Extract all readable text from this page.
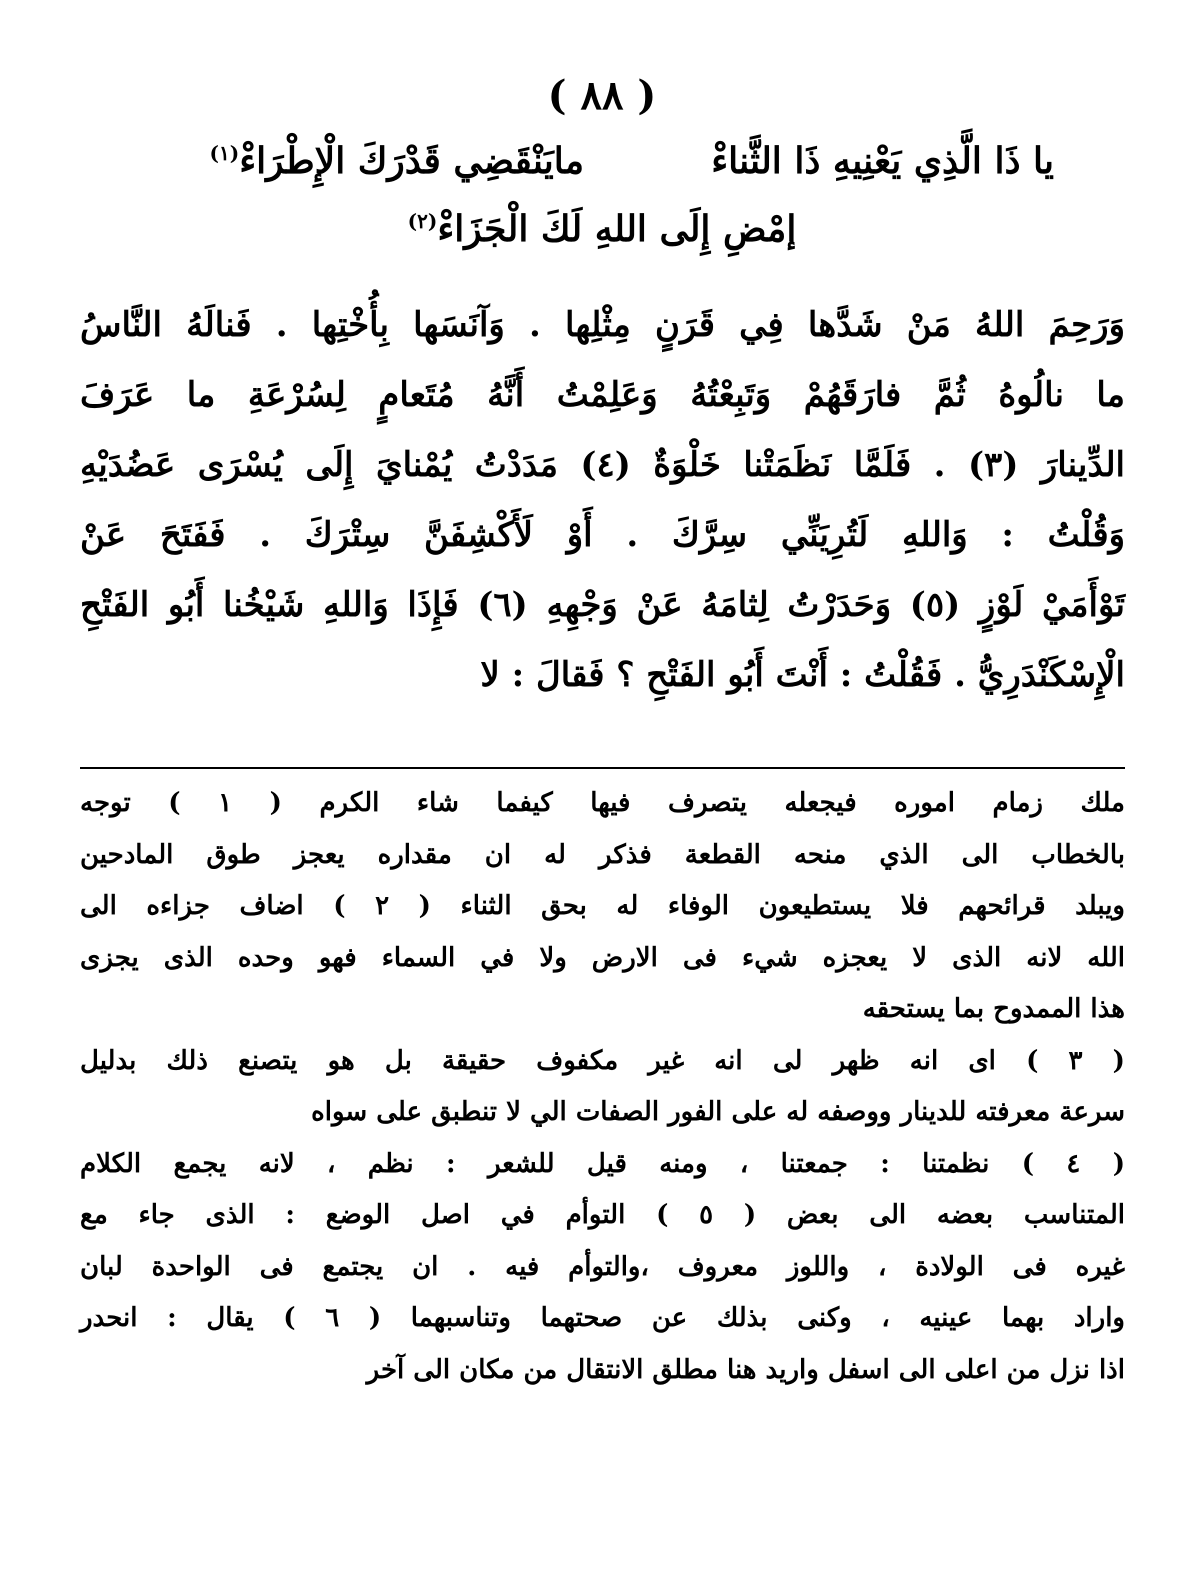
( ٨٨ )
يا ذَا الَّذِي يَعْنِيهِ ذَا الثَّناءْ
مايَنْقَضِي قَدْرَكَ الْإِطْرَاءْ$^{(١)}$
إمْضِ إِلَى اللهِ لَكَ الْجَزَاءْ$^{(٢)}$
وَرَحِمَ اللهُ مَنْ شَدَّها فِي قَرَنٍ مِثْلِها . وَآنَسَها بِأُخْتِها . فَنالَهُ النَّاسُ
ما نالُوهُ ثُمَّ فارَقَهُمْ وَتَبِعْتُهُ وَعَلِمْتُ أَنَّهُ مُتَعامٍ لِسُرْعَةِ ما عَرَفَ
الدِّينارَ (٣) . فَلَمَّا نَظَمَتْنا خَلْوَةٌ (٤) مَدَدْتُ يُمْنايَ إِلَى يُسْرَى عَضُدَيْهِ
وَقُلْتُ : وَاللهِ لَتُرِيَنِّي سِرَّكَ . أَوْ لَأَكْشِفَنَّ سِتْرَكَ . فَفَتَحَ عَنْ
تَوْأَمَيْ لَوْزٍ (٥) وَحَدَرْتُ لِثامَهُ عَنْ وَجْهِهِ (٦) فَإِذَا وَاللهِ شَيْخُنا أَبُو الفَتْحِ
الْإِسْكَنْدَرِيُّ . فَقُلْتُ : أَنْتَ أَبُو الفَتْحِ ؟ فَقالَ : لا
ملك زمام اموره فيجعله يتصرف فيها كيفما شاء الكرم ( ١ ) توجه
بالخطاب الى الذي منحه القطعة فذكر له ان مقداره يعجز طوق المادحين
ويبلد قرائحهم فلا يستطيعون الوفاء له بحق الثناء ( ٢ ) اضاف جزاءه الى
الله لانه الذى لا يعجزه شيء فى الارض ولا في السماء فهو وحده الذى يجزى
هذا الممدوح بما يستحقه
( ٣ ) اى انه ظهر لى انه غير مكفوف حقيقة بل هو يتصنع ذلك بدليل
سرعة معرفته للدينار ووصفه له على الفور الصفات الي لا تنطبق على سواه
( ٤ ) نظمتنا : جمعتنا ، ومنه قيل للشعر : نظم ، لانه يجمع الكلام
المتناسب بعضه الى بعض ( ٥ ) التوأم في اصل الوضع : الذى جاء مع
غيره فى الولادة ، واللوز معروف ،والتوأم فيه . ان يجتمع فى الواحدة لبان
واراد بهما عينيه ، وكنى بذلك عن صحتهما وتناسبهما ( ٦ ) يقال : انحدر
اذا نزل من اعلى الى اسفل واريد هنا مطلق الانتقال من مكان الى آخر
